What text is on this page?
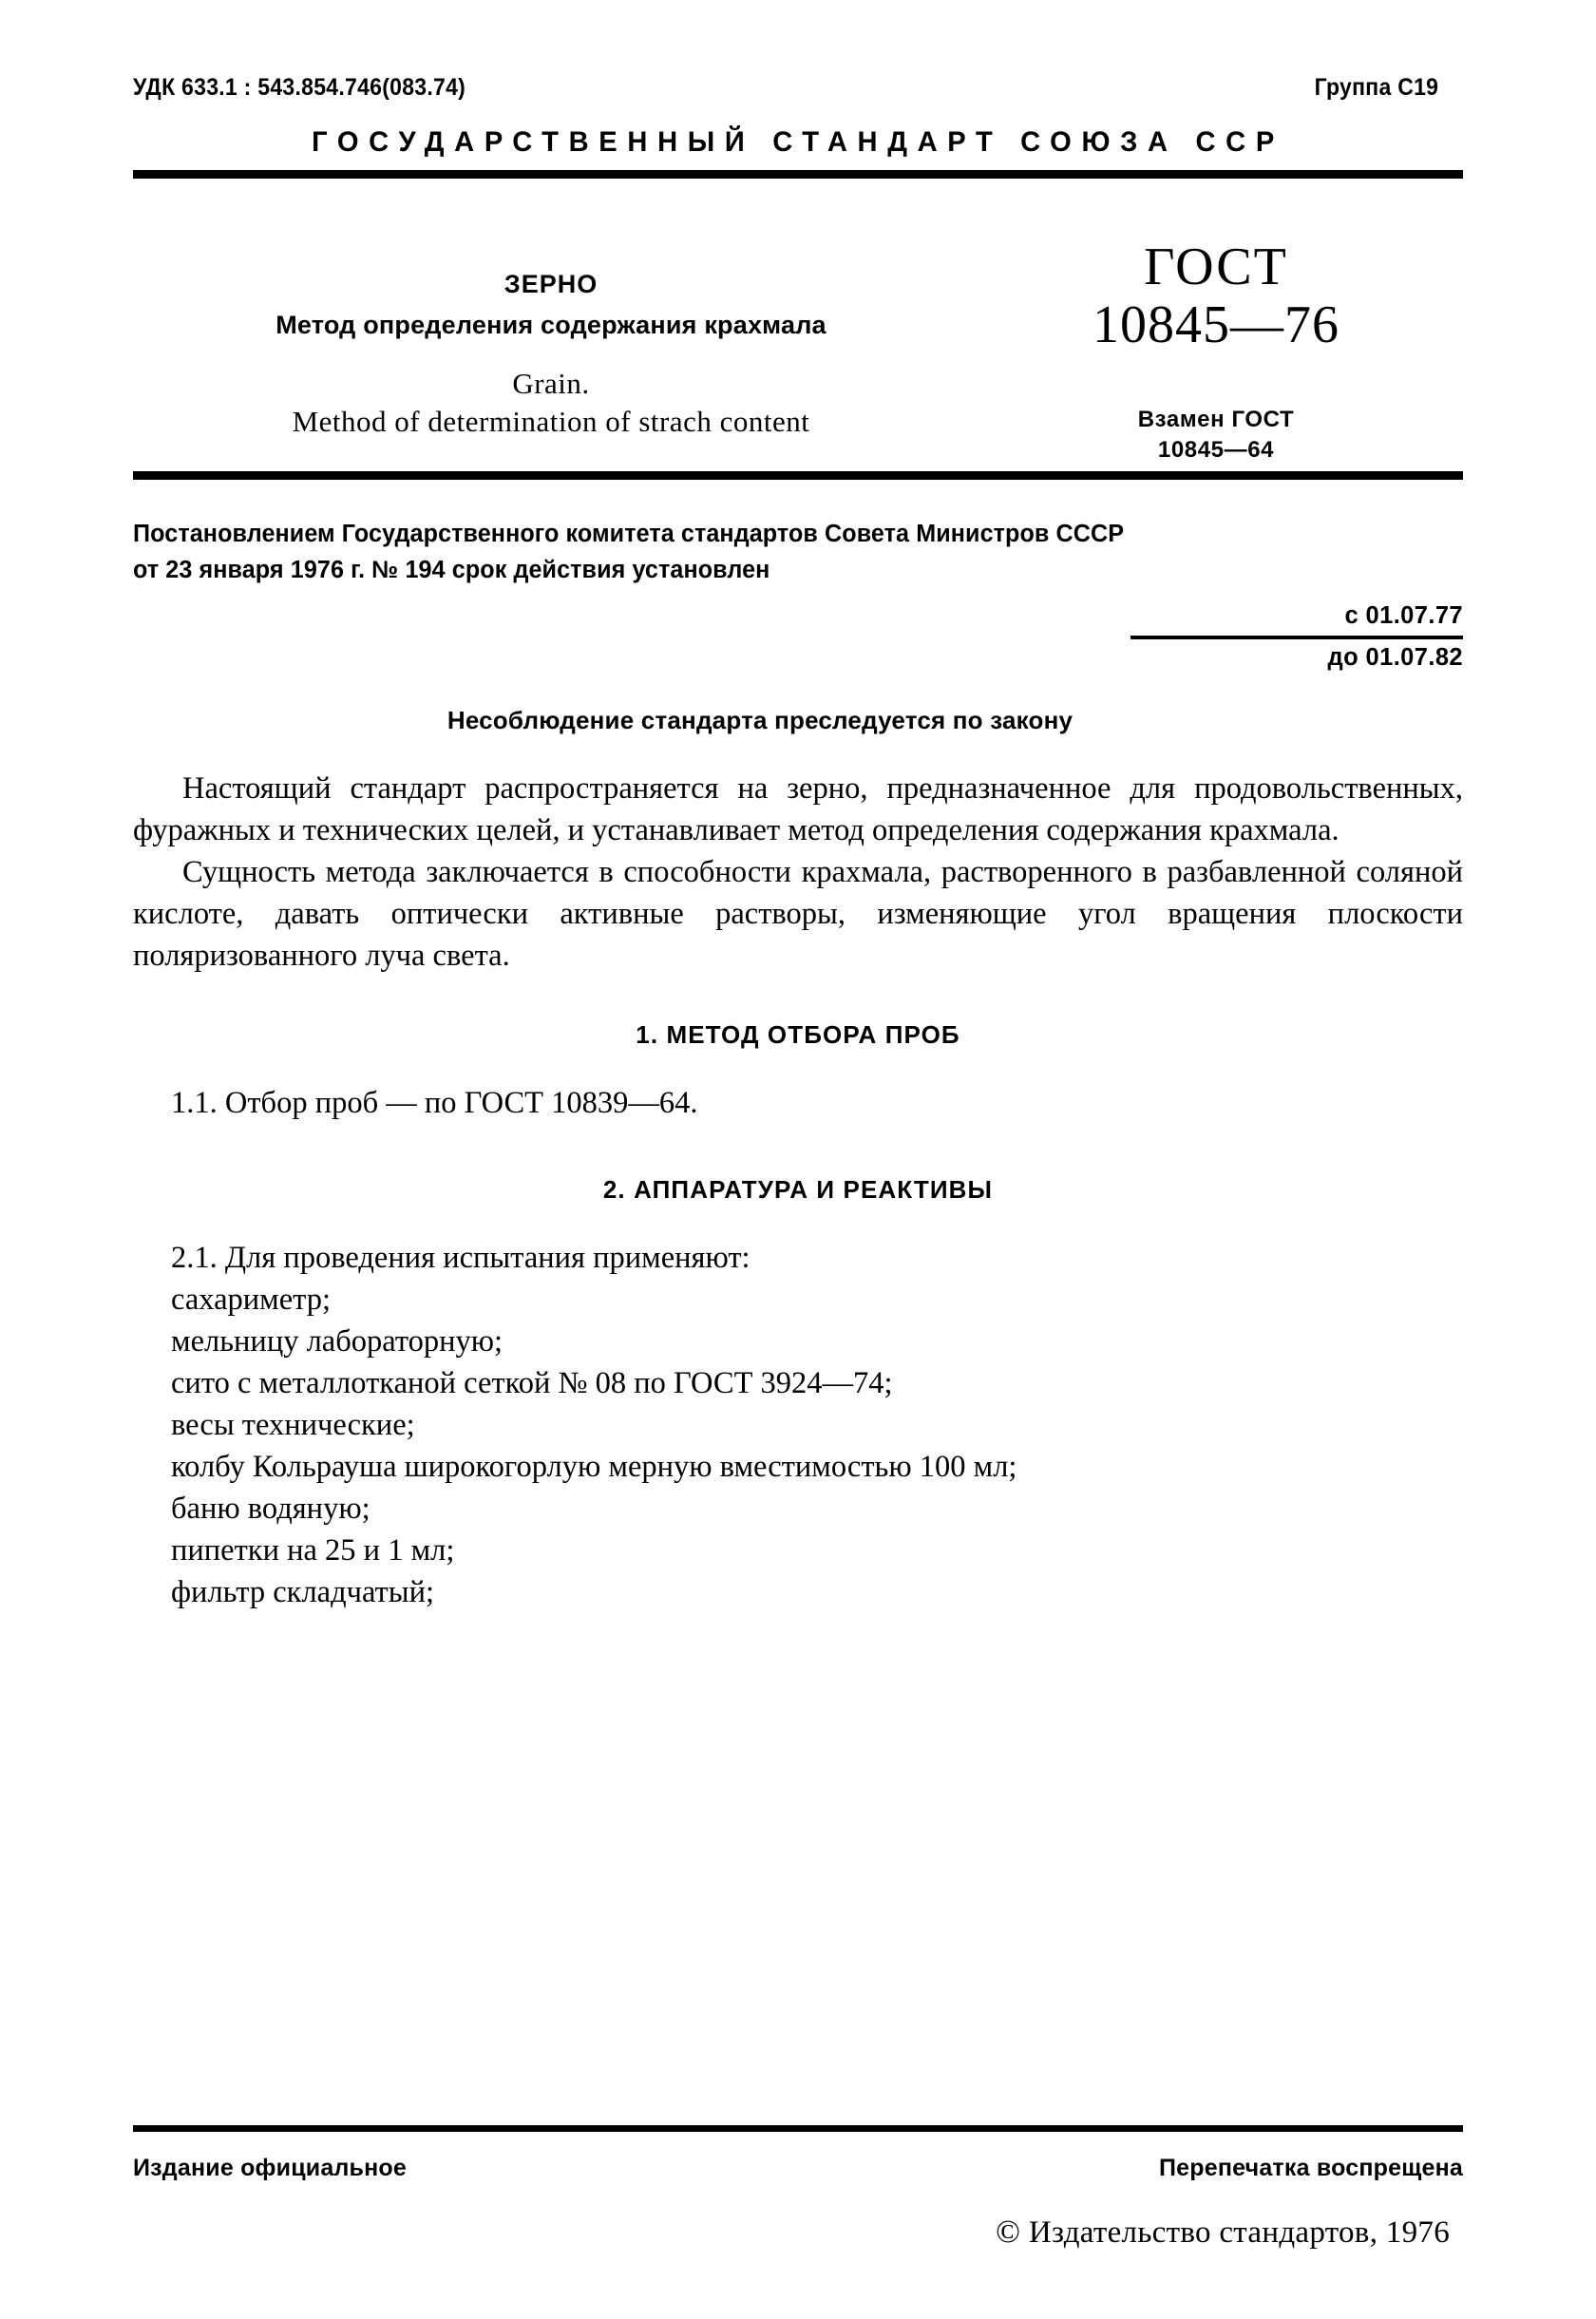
УДК 633.1 : 543.854.746(083.74)	Группа С19
ГОСУДАРСТВЕННЫЙ СТАНДАРТ СОЮЗА ССР
ЗЕРНО
Метод определения содержания крахмала
Grain.
Method of determination of strach content
ГОСТ
10845—76
Взамен ГОСТ
10845—64
Постановлением Государственного комитета стандартов Совета Министров СССР
от 23 января 1976 г. № 194 срок действия установлен
с 01.07.77
до 01.07.82
Несоблюдение стандарта преследуется по закону

Настоящий стандарт распространяется на зерно, предназначенное для продовольственных, фуражных и технических целей, и устанавливает метод определения содержания крахмала.

Сущность метода заключается в способности крахмала, растворенного в разбавленной соляной кислоте, давать оптически активные растворы, изменяющие угол вращения плоскости поляризованного луча света.

1. МЕТОД ОТБОРА ПРОБ
1.1. Отбор проб — по ГОСТ 10839—64.
2. АППАРАТУРА И РЕАКТИВЫ
2.1. Для проведения испытания применяют:
сахариметр;
мельницу лабораторную;
сито с металлотканой сеткой № 08 по ГОСТ 3924—74;
весы технические;
колбу Кольрауша широкогорлую мерную вместимостью 100 мл;
баню водяную;
пипетки на 25 и 1 мл;
фильтр складчатый;
Издание официальное	Перепечатка воспрещена
© Издательство стандартов, 1976
